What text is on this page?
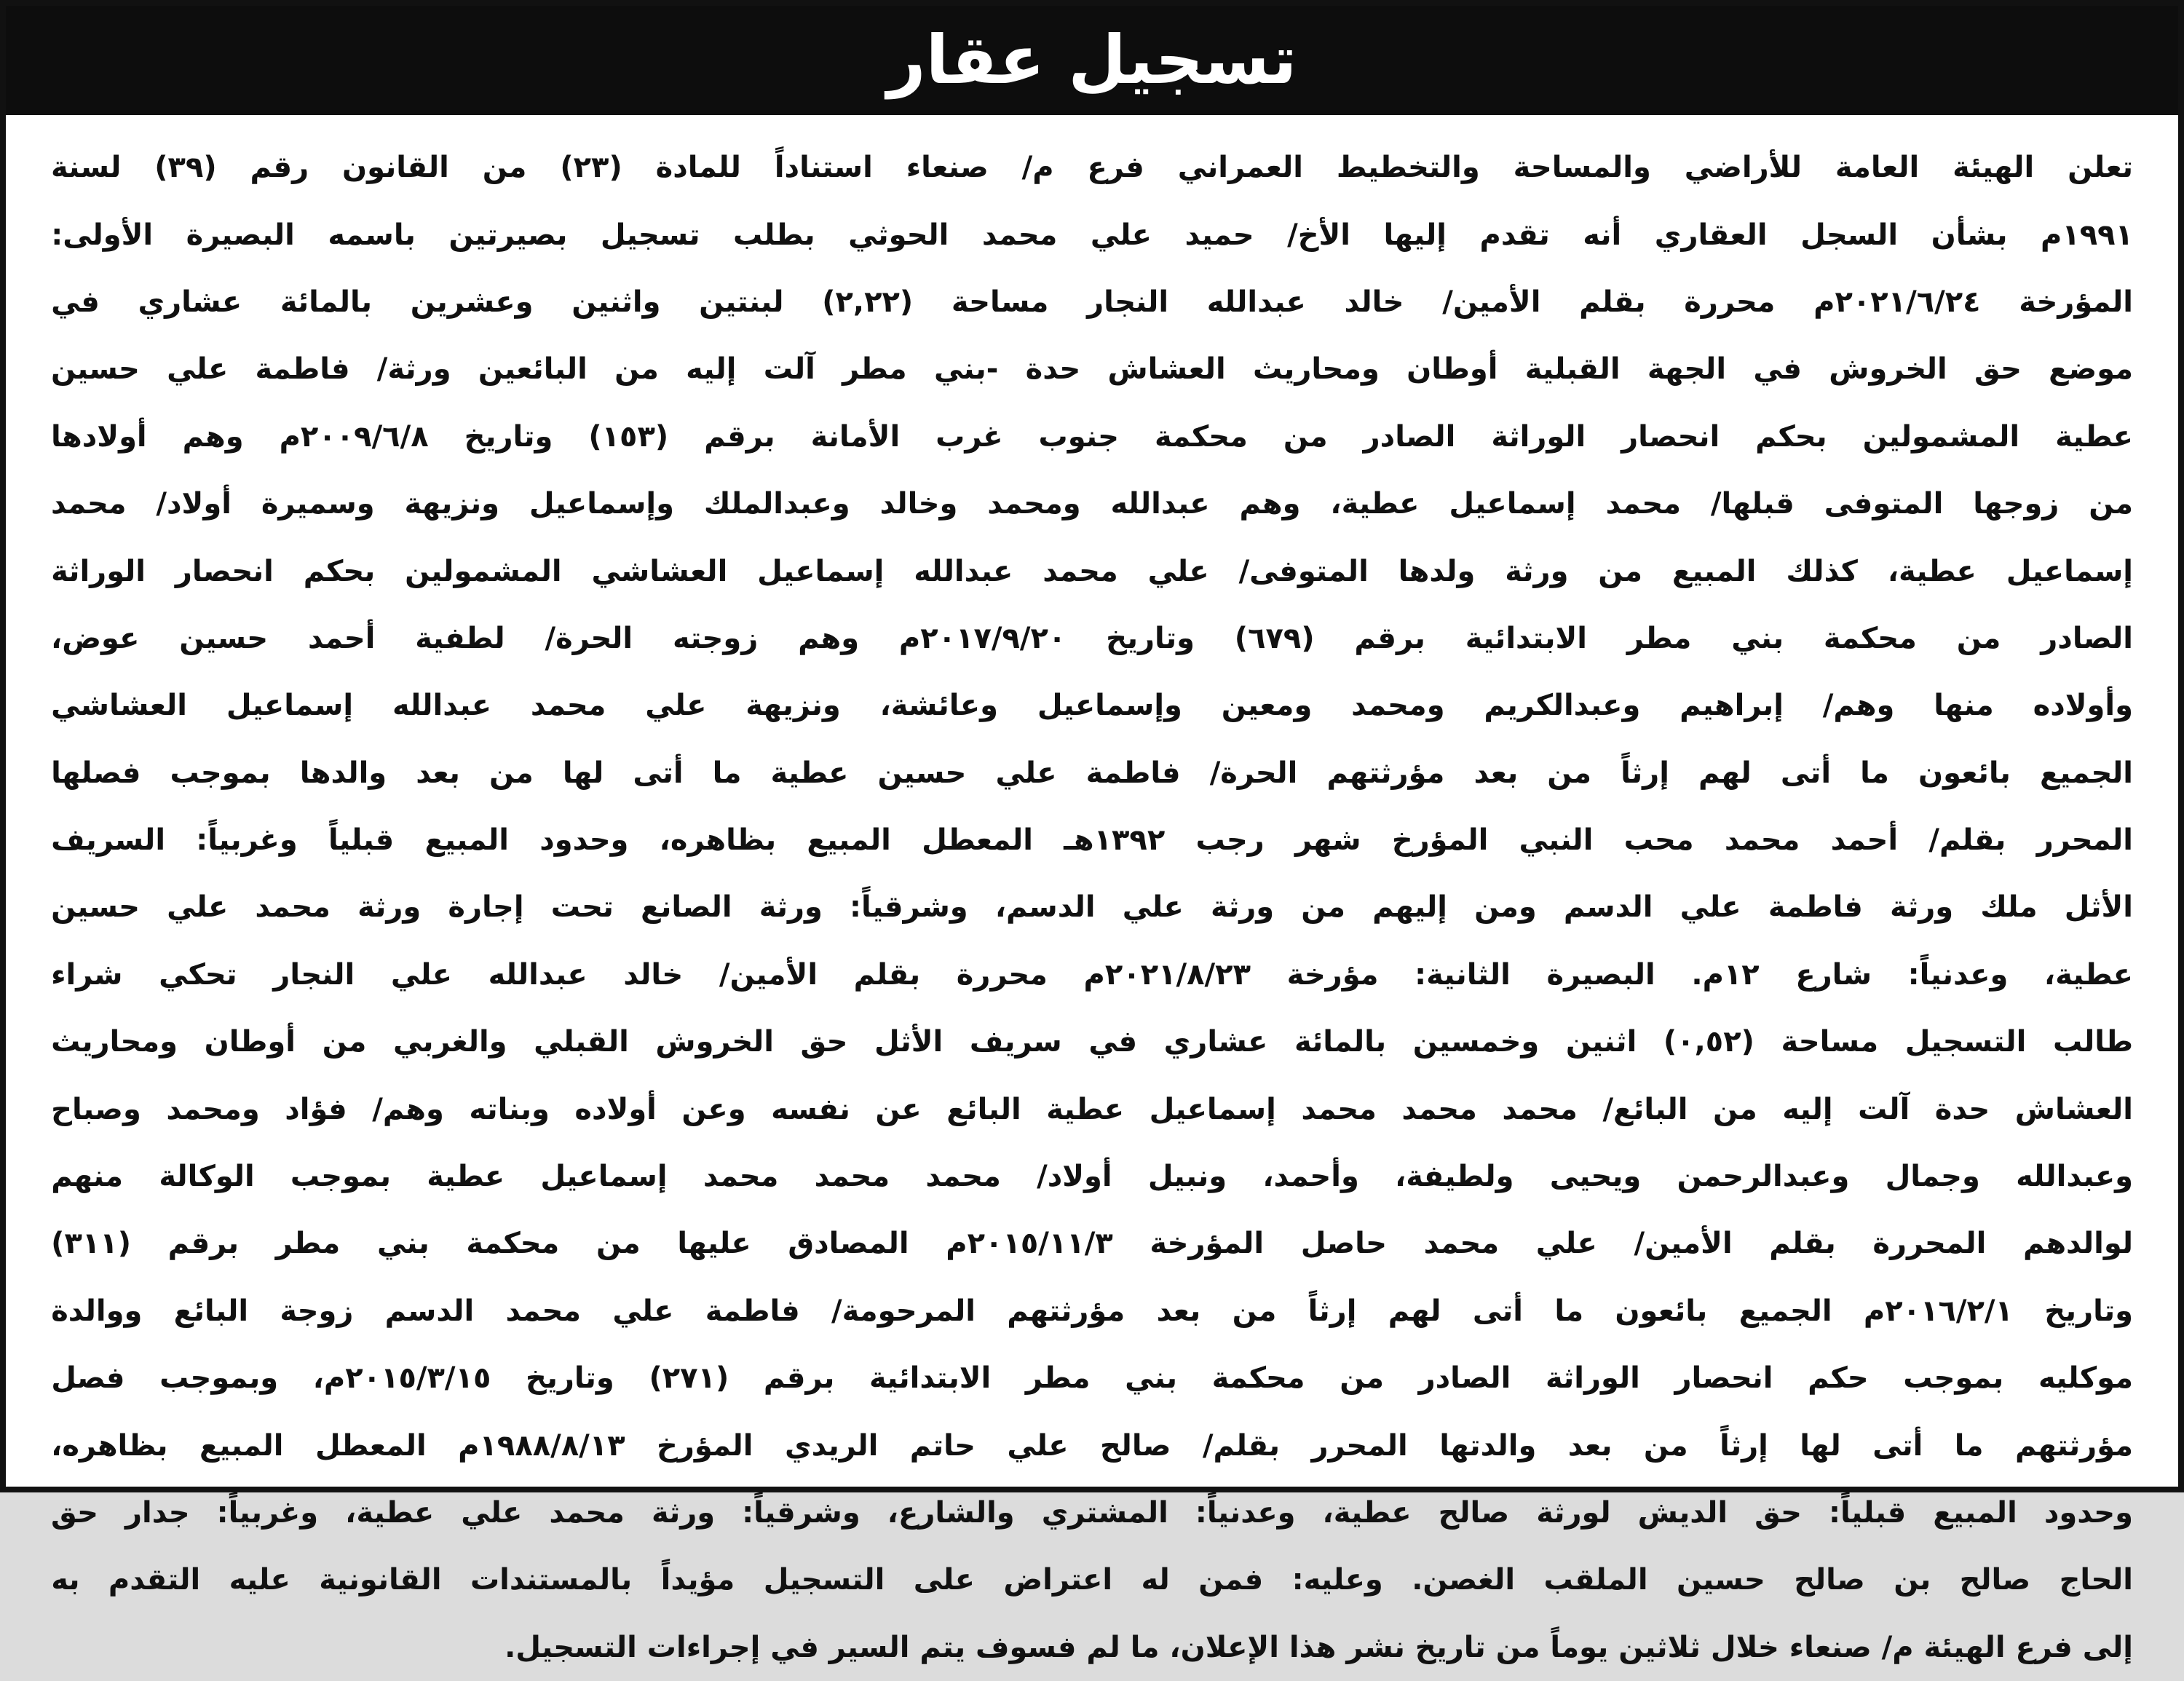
تسجيل عقار
تعلن
الهيئة
العامة
للأراضي
والمساحة
والتخطيط
العمراني
فرع
م/
صنعاء
استناداً
للمادة
(٢٣)
من
القانون
رقم
(٣٩)
لسنة
١٩٩١م
بشأن
السجل
العقاري
أنه
تقدم
إليها
الأخ/
حميد
علي
محمد
الحوثي
بطلب
تسجيل
بصيرتين
باسمه
البصيرة
الأولى:
المؤرخة
٢٠٢١/٦/٢٤م
محررة
بقلم
الأمين/
خالد
عبدالله
النجار
مساحة
(٢,٢٢)
لبنتين
واثنين
وعشرين
بالمائة
عشاري
في
موضع
حق
الخروش
في
الجهة
القبلية
أوطان
ومحاريث
العشاش
حدة
-بني
مطر
آلت
إليه
من
البائعين
ورثة/
فاطمة
علي
حسين
عطية
المشمولين
بحكم
انحصار
الوراثة
الصادر
من
محكمة
جنوب
غرب
الأمانة
برقم
(١٥٣)
وتاريخ
٢٠٠٩/٦/٨م
وهم
أولادها
من
زوجها
المتوفى
قبلها/
محمد
إسماعيل
عطية،
وهم
عبدالله
ومحمد
وخالد
وعبدالملك
وإسماعيل
ونزيهة
وسميرة
أولاد/
محمد
إسماعيل
عطية،
كذلك
المبيع
من
ورثة
ولدها
المتوفى/
علي
محمد
عبدالله
إسماعيل
العشاشي
المشمولين
بحكم
انحصار
الوراثة
الصادر
من
محكمة
بني
مطر
الابتدائية
برقم
(٦٧٩)
وتاريخ
٢٠١٧/٩/٢٠م
وهم
زوجته
الحرة/
لطفية
أحمد
حسين
عوض،
وأولاده
منها
وهم/
إبراهيم
وعبدالكريم
ومحمد
ومعين
وإسماعيل
وعائشة،
ونزيهة
علي
محمد
عبدالله
إسماعيل
العشاشي
الجميع
بائعون
ما
أتى
لهم
إرثاً
من
بعد
مؤرثتهم
الحرة/
فاطمة
علي
حسين
عطية
ما
أتى
لها
من
بعد
والدها
بموجب
فصلها
المحرر
بقلم/
أحمد
محمد
محب
النبي
المؤرخ
شهر
رجب
١٣٩٢هـ
المعطل
المبيع
بظاهره،
وحدود
المبيع
قبلياً
وغربياً:
السريف
الأثل
ملك
ورثة
فاطمة
علي
الدسم
ومن
إليهم
من
ورثة
علي
الدسم،
وشرقياً:
ورثة
الصانع
تحت
إجارة
ورثة
محمد
علي
حسين
عطية،
وعدنياً:
شارع
١٢م.
البصيرة
الثانية:
مؤرخة
٢٠٢١/٨/٢٣م
محررة
بقلم
الأمين/
خالد
عبدالله
علي
النجار
تحكي
شراء
طالب
التسجيل
مساحة
(٠,٥٢)
اثنين
وخمسين
بالمائة
عشاري
في
سريف
الأثل
حق
الخروش
القبلي
والغربي
من
أوطان
ومحاريث
العشاش
حدة
آلت
إليه
من
البائع/
محمد
محمد
محمد
إسماعيل
عطية
البائع
عن
نفسه
وعن
أولاده
وبناته
وهم/
فؤاد
ومحمد
وصباح
وعبدالله
وجمال
وعبدالرحمن
ويحيى
ولطيفة،
وأحمد،
ونبيل
أولاد/
محمد
محمد
محمد
إسماعيل
عطية
بموجب
الوكالة
منهم
لوالدهم
المحررة
بقلم
الأمين/
علي
محمد
حاصل
المؤرخة
٢٠١٥/١١/٣م
المصادق
عليها
من
محكمة
بني
مطر
برقم
(٣١١)
وتاريخ
٢٠١٦/٢/١م
الجميع
بائعون
ما
أتى
لهم
إرثاً
من
بعد
مؤرثتهم
المرحومة/
فاطمة
علي
محمد
الدسم
زوجة
البائع
ووالدة
موكليه
بموجب
حكم
انحصار
الوراثة
الصادر
من
محكمة
بني
مطر
الابتدائية
برقم
(٢٧١)
وتاريخ
٢٠١٥/٣/١٥م،
وبموجب
فصل
مؤرثتهم
ما
أتى
لها
إرثاً
من
بعد
والدتها
المحرر
بقلم/
صالح
علي
حاتم
الريدي
المؤرخ
١٩٨٨/٨/١٣م
المعطل
المبيع
بظاهره،
وحدود
المبيع
قبلياً:
حق
الديش
لورثة
صالح
عطية،
وعدنياً:
المشتري
والشارع،
وشرقياً:
ورثة
محمد
علي
عطية،
وغربياً:
جدار
حق
الحاج
صالح
بن
صالح
حسين
الملقب
الغصن.
وعليه:
فمن
له
اعتراض
على
التسجيل
مؤيداً
بالمستندات
القانونية
عليه
التقدم
به
إلى فرع الهيئة م/ صنعاء خلال ثلاثين يوماً من تاريخ نشر هذا الإعلان، ما لم فسوف يتم السير في إجراءات التسجيل.
